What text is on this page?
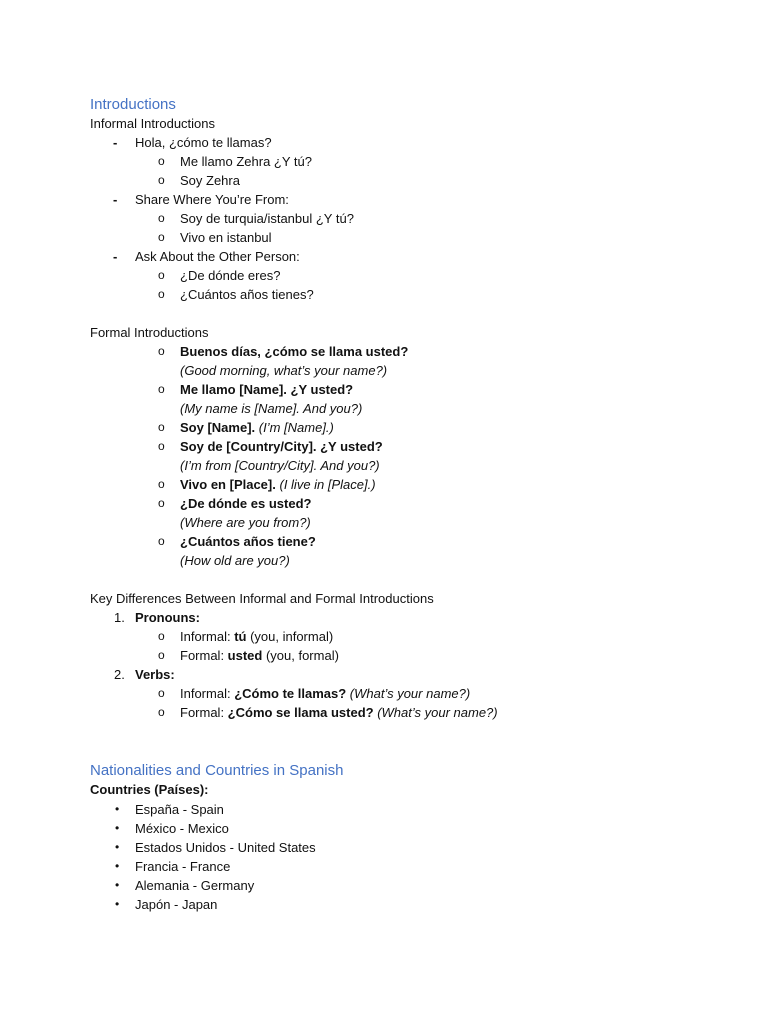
Introductions
Informal Introductions
- Hola, ¿cómo te llamas?
o Me llamo Zehra ¿Y tú?
o Soy Zehra
- Share Where You’re From:
o Soy de turquia/istanbul ¿Y tú?
o Vivo en istanbul
- Ask About the Other Person:
o ¿De dónde eres?
o ¿Cuántos años tienes?
Formal Introductions
o Buenos días, ¿cómo se llama usted?
(Good morning, what’s your name?)
o Me llamo [Name]. ¿Y usted?
(My name is [Name]. And you?)
o Soy [Name]. (I’m [Name].)
o Soy de [Country/City]. ¿Y usted?
(I’m from [Country/City]. And you?)
o Vivo en [Place]. (I live in [Place].)
o ¿De dónde es usted?
(Where are you from?)
o ¿Cuántos años tiene?
(How old are you?)
Key Differences Between Informal and Formal Introductions
1. Pronouns:
o Informal: tú (you, informal)
o Formal: usted (you, formal)
2. Verbs:
o Informal: ¿Cómo te llamas? (What’s your name?)
o Formal: ¿Cómo se llama usted? (What’s your name?)
Nationalities and Countries in Spanish
Countries (Países):
• España - Spain
• México - Mexico
• Estados Unidos - United States
• Francia - France
• Alemania - Germany
• Japón - Japan
